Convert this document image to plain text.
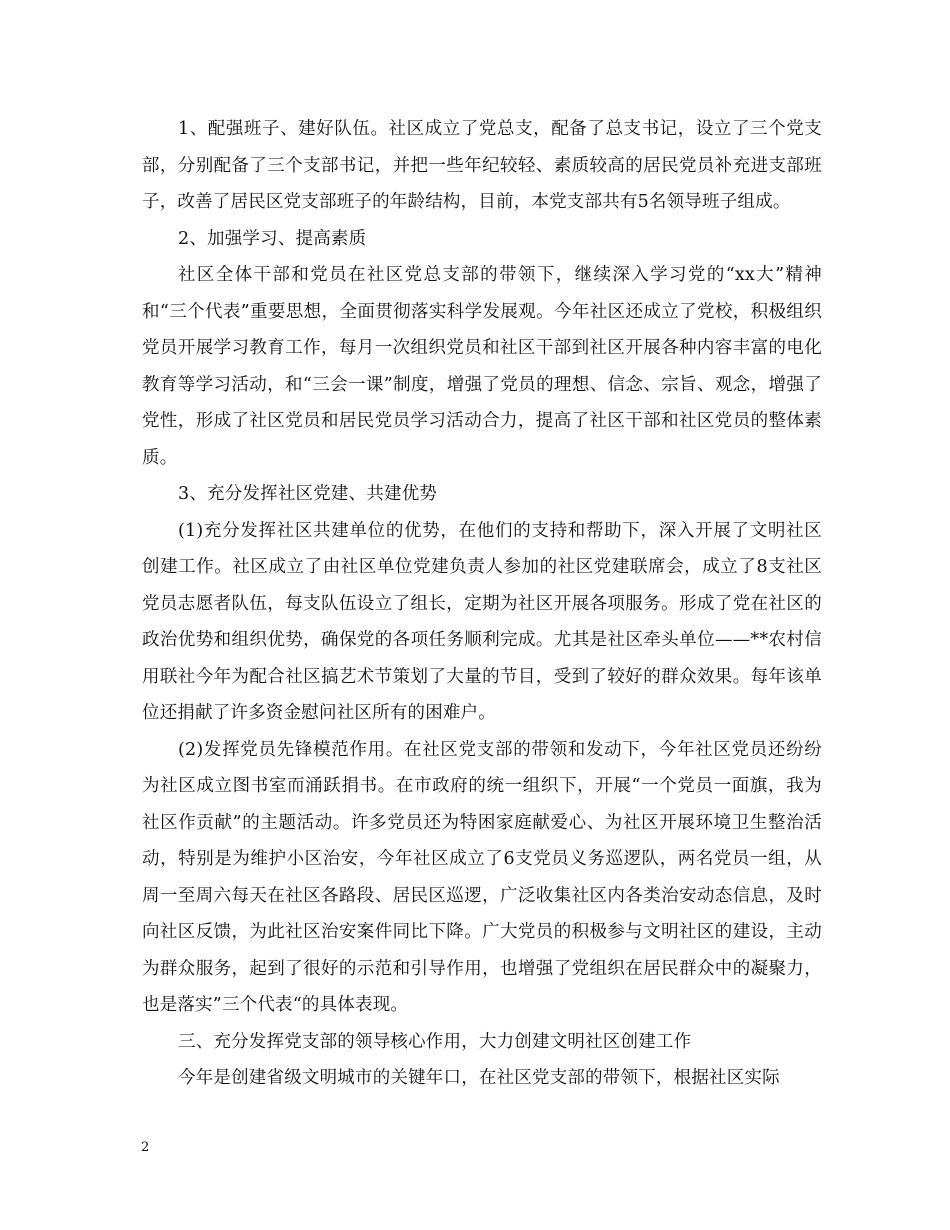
1、配强班子、建好队伍。社区成立了党总支，配备了总支书记，设立了三个党支部，分别配备了三个支部书记，并把一些年纪较轻、素质较高的居民党员补充进支部班子，改善了居民区党支部班子的年龄结构，目前，本党支部共有5名领导班子组成。

2、加强学习、提高素质

社区全体干部和党员在社区党总支部的带领下，继续深入学习党的“xx大”精神和“三个代表”重要思想，全面贯彻落实科学发展观。今年社区还成立了党校，积极组织党员开展学习教育工作，每月一次组织党员和社区干部到社区开展各种内容丰富的电化教育等学习活动，和“三会一课”制度，增强了党员的理想、信念、宗旨、观念，增强了党性，形成了社区党员和居民党员学习活动合力，提高了社区干部和社区党员的整体素质。

3、充分发挥社区党建、共建优势

(1)充分发挥社区共建单位的优势，在他们的支持和帮助下，深入开展了文明社区创建工作。社区成立了由社区单位党建负责人参加的社区党建联席会，成立了8支社区党员志愿者队伍，每支队伍设立了组长，定期为社区开展各项服务。形成了党在社区的政治优势和组织优势，确保党的各项任务顺利完成。尤其是社区牵头单位——**农村信用联社今年为配合社区搞艺术节策划了大量的节目，受到了较好的群众效果。每年该单位还捐献了许多资金慰问社区所有的困难户。

(2)发挥党员先锋模范作用。在社区党支部的带领和发动下，今年社区党员还纷纷为社区成立图书室而涌跃捐书。在市政府的统一组织下，开展“一个党员一面旗，我为社区作贡献”的主题活动。许多党员还为特困家庭献爱心、为社区开展环境卫生整治活动，特别是为维护小区治安，今年社区成立了6支党员义务巡逻队，两名党员一组，从周一至周六每天在社区各路段、居民区巡逻，广泛收集社区内各类治安动态信息，及时向社区反馈，为此社区治安案件同比下降。广大党员的积极参与文明社区的建设，主动为群众服务，起到了很好的示范和引导作用，也增强了党组织在居民群众中的凝聚力，也是落实”三个代表“的具体表现。

三、充分发挥党支部的领导核心作用，大力创建文明社区创建工作

今年是创建省级文明城市的关键年口，在社区党支部的带领下，根据社区实际

2
